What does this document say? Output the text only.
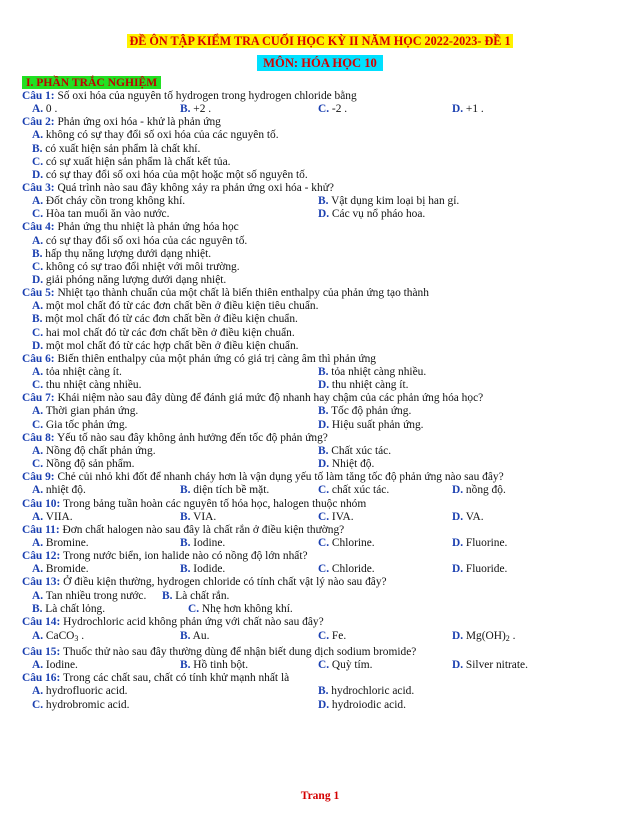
ĐỀ ÔN TẬP KIỂM TRA CUỐI HỌC KỲ II NĂM HỌC 2022-2023- ĐỀ 1
MÔN: HÓA HỌC 10
I. PHẦN TRẮC NGHIỆM
Câu 1: Số oxi hóa của nguyên tố hydrogen trong hydrogen chloride bằng
A. 0 .	B. +2 .	C. -2 .	D. +1 .
Câu 2: Phản ứng oxi hóa - khử là phản ứng
A. không có sự thay đổi số oxi hóa của các nguyên tố.
B. có xuất hiện sản phẩm là chất khí.
C. có sự xuất hiện sản phẩm là chất kết tủa.
D. có sự thay đổi số oxi hóa của một hoặc một số nguyên tố.
Câu 3: Quá trình nào sau đây không xảy ra phản ứng oxi hóa - khử?
A. Đốt cháy cồn trong không khí.	B. Vật dụng kim loại bị han gỉ.
C. Hòa tan muối ăn vào nước.	D. Các vụ nổ pháo hoa.
Câu 4: Phản ứng thu nhiệt là phản ứng hóa học
A. có sự thay đổi số oxi hóa của các nguyên tố.
B. hấp thụ năng lượng dưới dạng nhiệt.
C. không có sự trao đổi nhiệt với môi trường.
D. giải phóng năng lượng dưới dạng nhiệt.
Câu 5: Nhiệt tạo thành chuẩn của một chất là biến thiên enthalpy của phản ứng tạo thành
A. một mol chất đó từ các đơn chất bền ở điều kiện tiêu chuẩn.
B. một mol chất đó từ các đơn chất bền ở điều kiện chuẩn.
C. hai mol chất đó từ các đơn chất bền ở điều kiện chuẩn.
D. một mol chất đó từ các hợp chất bền ở điều kiện chuẩn.
Câu 6: Biến thiên enthalpy của một phản ứng có giá trị càng âm thì phản ứng
A. tỏa nhiệt càng ít.	B. tỏa nhiệt càng nhiều.
C. thu nhiệt càng nhiều.	D. thu nhiệt càng ít.
Câu 7: Khái niệm nào sau đây dùng để đánh giá mức độ nhanh hay chậm của các phản ứng hóa học?
A. Thời gian phản ứng.	B. Tốc độ phản ứng.
C. Gia tốc phản ứng.	D. Hiệu suất phản ứng.
Câu 8: Yếu tố nào sau đây không ảnh hưởng đến tốc độ phản ứng?
A. Nồng độ chất phản ứng.	B. Chất xúc tác.
C. Nồng độ sản phẩm.	D. Nhiệt độ.
Câu 9: Chẻ củi nhỏ khi đốt để nhanh cháy hơn là vận dụng yếu tố làm tăng tốc độ phản ứng nào sau đây?
A. nhiệt độ.	B. diện tích bề mặt.	C. chất xúc tác.	D. nồng độ.
Câu 10: Trong bảng tuần hoàn các nguyên tố hóa học, halogen thuộc nhóm
A. VIIA.	B. VIA.	C. IVA.	D. VA.
Câu 11: Đơn chất halogen nào sau đây là chất rắn ở điều kiện thường?
A. Bromine.	B. Iodine.	C. Chlorine.	D. Fluorine.
Câu 12: Trong nước biển, ion halide nào có nồng độ lớn nhất?
A. Bromide.	B. Iodide.	C. Chloride.	D. Fluoride.
Câu 13: Ở điều kiện thường, hydrogen chloride có tính chất vật lý nào sau đây?
A. Tan nhiều trong nước. B. Là chất rắn.
B. Là chất lỏng.	C. Nhẹ hơn không khí.
Câu 14: Hydrochloric acid không phản ứng với chất nào sau đây?
A. CaCO$_3$ .	B. Au.	C. Fe.	D. $Mg(OH)_2$ .
Câu 15: Thuốc thử nào sau đây thường dùng để nhận biết dung dịch sodium bromide?
A. Iodine.	B. Hồ tinh bột.	C. Quỳ tím.	D. Silver nitrate.
Câu 16: Trong các chất sau, chất có tính khử mạnh nhất là
A. hydrofluoric acid.	B. hydrochloric acid.
C. hydrobromic acid.	D. hydroiodic acid.
Trang 1
